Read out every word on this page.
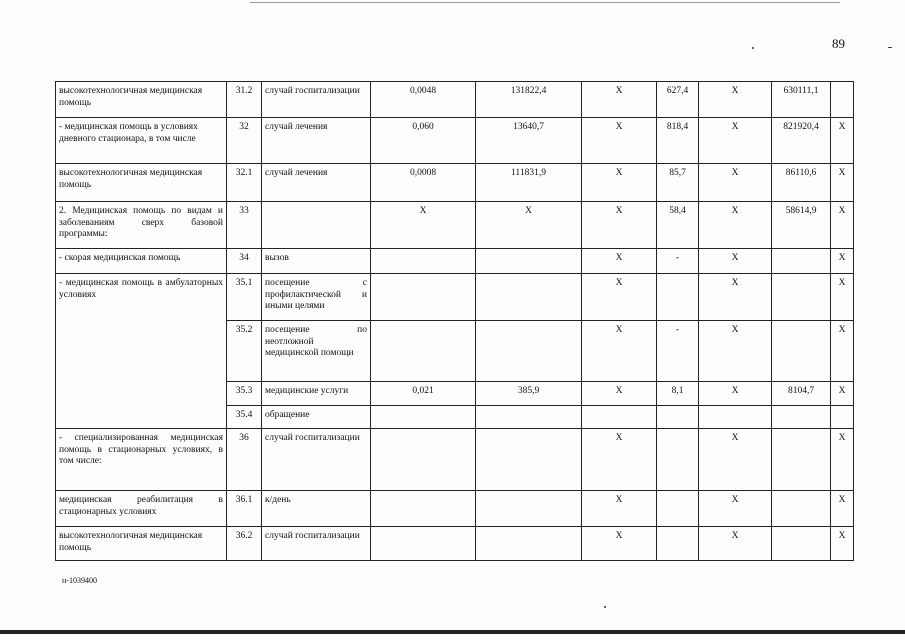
89
высокотехнологичная медицинская помощь	31.2	случай госпитализации	0,0048	131822,4	X	627,4	X	630111,1	
- медицинская помощь в условиях дневного стационара, в том числе	32	случай лечения	0,060	13640,7	X	818,4	X	821920,4	X
высокотехнологичная медицинская помощь	32.1	случай лечения	0,0008	111831,9	X	85,7	X	86110,6	X
2. Медицинская помощь по видам и заболеваниям сверх базовой программы:	33		X	X	X	58,4	X	58614,9	X
- скорая медицинская помощь	34	вызов			X	-	X		X
- медицинская помощь в амбулаторных условиях	35.1	посещение с профилактической и иными целями			X		X		X
	35.2	посещение по неотложной медицинской помощи			X	-	X		X
	35.3	медицинские услуги	0,021	385,9	X	8,1	X	8104,7	X
	35.4	обращение							
- специализированная медицинская помощь в стационарных условиях, в том числе:	36	случай госпитализации			X		X		X
медицинская реабилитация в стационарных условиях	36.1	к/день			X		X		X
высокотехнологичная медицинская помощь	36.2	случай госпитализации			X		X		X
н-1039400
